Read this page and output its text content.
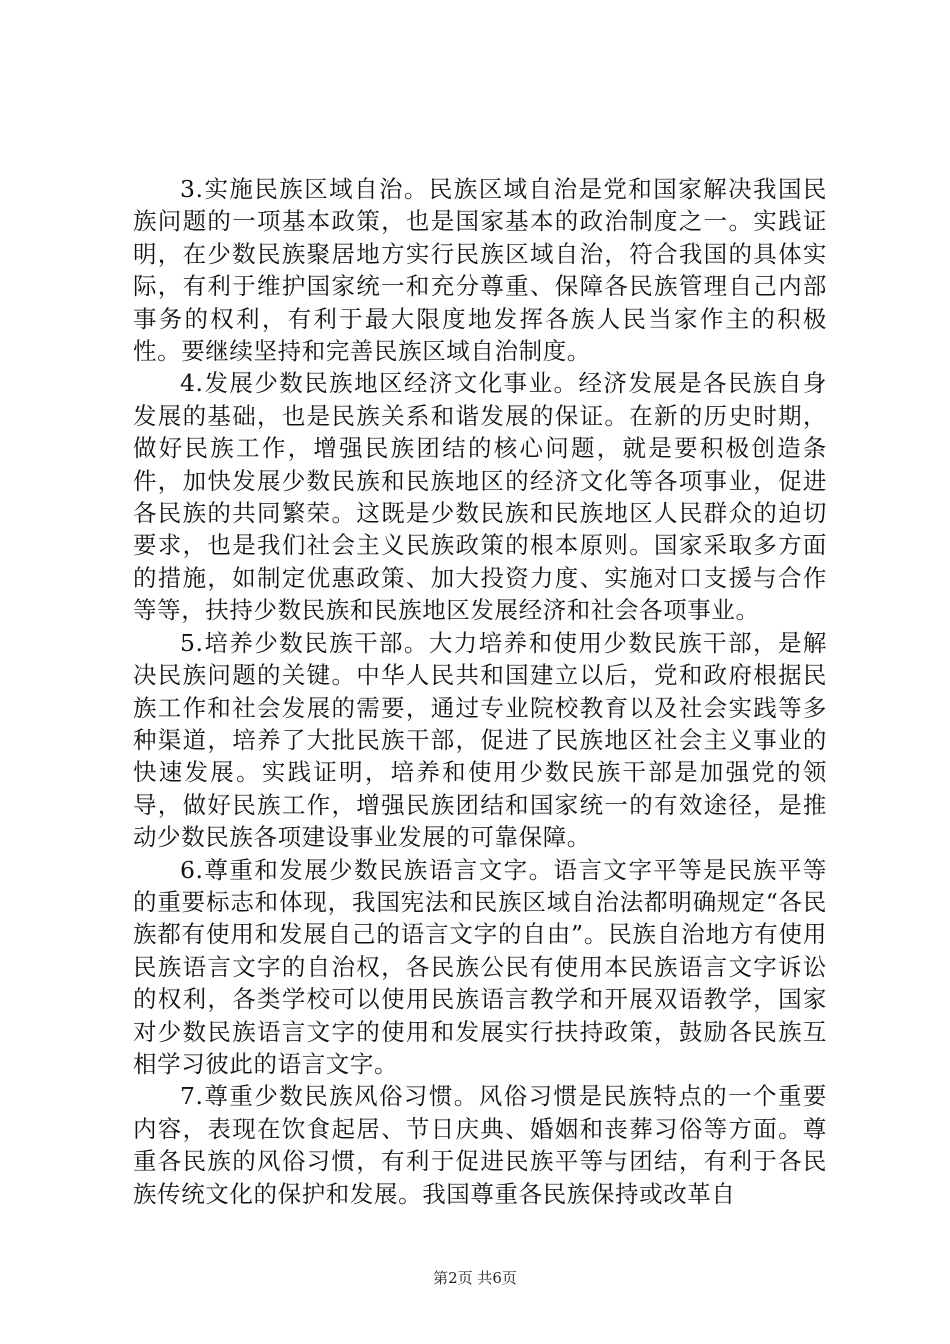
3.实施民族区域自治。民族区域自治是党和国家解决我国民族问题的一项基本政策，也是国家基本的政治制度之一。实践证明，在少数民族聚居地方实行民族区域自治，符合我国的具体实际，有利于维护国家统一和充分尊重、保障各民族管理自己内部事务的权利，有利于最大限度地发挥各族人民当家作主的积极性。要继续坚持和完善民族区域自治制度。

4.发展少数民族地区经济文化事业。经济发展是各民族自身发展的基础，也是民族关系和谐发展的保证。在新的历史时期，做好民族工作，增强民族团结的核心问题，就是要积极创造条件，加快发展少数民族和民族地区的经济文化等各项事业，促进各民族的共同繁荣。这既是少数民族和民族地区人民群众的迫切要求，也是我们社会主义民族政策的根本原则。国家采取多方面的措施，如制定优惠政策、加大投资力度、实施对口支援与合作等等，扶持少数民族和民族地区发展经济和社会各项事业。

5.培养少数民族干部。大力培养和使用少数民族干部，是解决民族问题的关键。中华人民共和国建立以后，党和政府根据民族工作和社会发展的需要，通过专业院校教育以及社会实践等多种渠道，培养了大批民族干部，促进了民族地区社会主义事业的快速发展。实践证明，培养和使用少数民族干部是加强党的领导，做好民族工作，增强民族团结和国家统一的有效途径，是推动少数民族各项建设事业发展的可靠保障。

6.尊重和发展少数民族语言文字。语言文字平等是民族平等的重要标志和体现，我国宪法和民族区域自治法都明确规定“各民族都有使用和发展自己的语言文字的自由”。民族自治地方有使用民族语言文字的自治权，各民族公民有使用本民族语言文字诉讼的权利，各类学校可以使用民族语言教学和开展双语教学，国家对少数民族语言文字的使用和发展实行扶持政策，鼓励各民族互相学习彼此的语言文字。

7.尊重少数民族风俗习惯。风俗习惯是民族特点的一个重要内容，表现在饮食起居、节日庆典、婚姻和丧葬习俗等方面。尊重各民族的风俗习惯，有利于促进民族平等与团结，有利于各民族传统文化的保护和发展。我国尊重各民族保持或改革自

第2页 共6页
